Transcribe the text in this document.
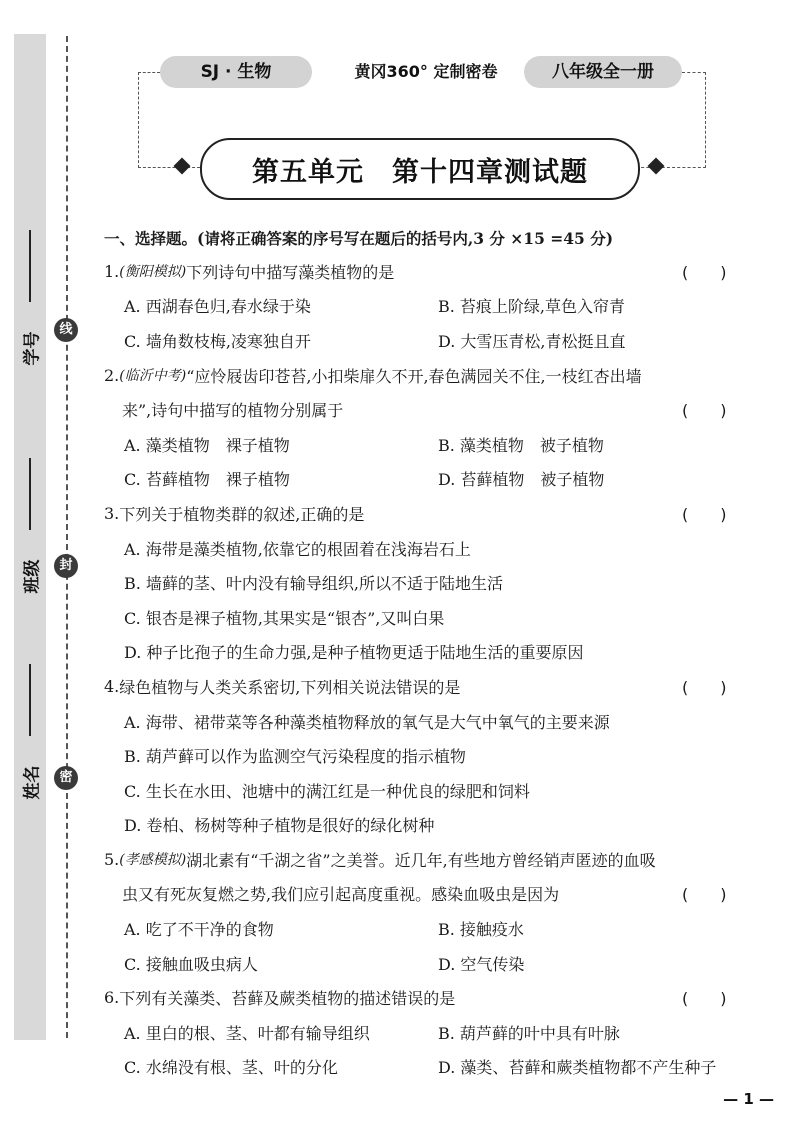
线
封
密
学号
班级
姓名
SJ · 生物	黄冈360° 定制密卷	八年级全一册
第五单元　第十四章测试题
一、选择题。(请将正确答案的序号写在题后的括号内,3 分 ×15 =45 分)
1. (衡阳模拟) 下列诗句中描写藻类植物的是	(　　)
A. 西湖春色归,春水绿于染	B. 苔痕上阶绿,草色入帘青
C. 墙角数枝梅,凌寒独自开	D. 大雪压青松,青松挺且直
2. (临沂中考) “应怜屐齿印苍苔,小扣柴扉久不开,春色满园关不住,一枝红杏出墙
来”,诗句中描写的植物分别属于	(　　)
A. 藻类植物　裸子植物	B. 藻类植物　被子植物
C. 苔藓植物　裸子植物	D. 苔藓植物　被子植物
3. 下列关于植物类群的叙述,正确的是	(　　)
A. 海带是藻类植物,依靠它的根固着在浅海岩石上
B. 墙藓的茎、叶内没有输导组织,所以不适于陆地生活
C. 银杏是裸子植物,其果实是“银杏”,又叫白果
D. 种子比孢子的生命力强,是种子植物更适于陆地生活的重要原因
4. 绿色植物与人类关系密切,下列相关说法错误的是	(　　)
A. 海带、裙带菜等各种藻类植物释放的氧气是大气中氧气的主要来源
B. 葫芦藓可以作为监测空气污染程度的指示植物
C. 生长在水田、池塘中的满江红是一种优良的绿肥和饲料
D. 卷柏、杨树等种子植物是很好的绿化树种
5. (孝感模拟) 湖北素有“千湖之省”之美誉。近几年,有些地方曾经销声匿迹的血吸
虫又有死灰复燃之势,我们应引起高度重视。感染血吸虫是因为	(　　)
A. 吃了不干净的食物	B. 接触疫水
C. 接触血吸虫病人	D. 空气传染
6. 下列有关藻类、苔藓及蕨类植物的描述错误的是	(　　)
A. 里白的根、茎、叶都有输导组织	B. 葫芦藓的叶中具有叶脉
C. 水绵没有根、茎、叶的分化	D. 藻类、苔藓和蕨类植物都不产生种子
— 1 —
